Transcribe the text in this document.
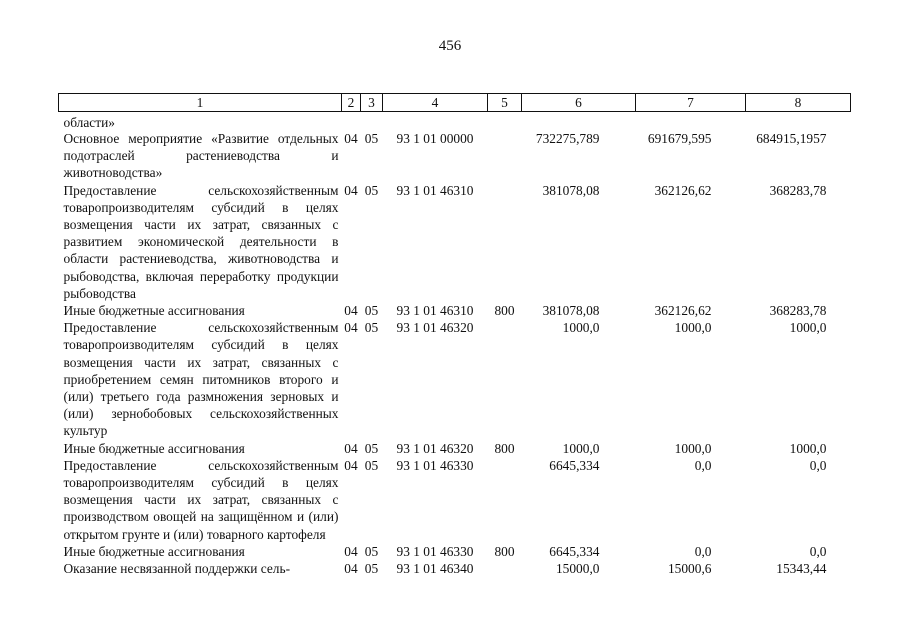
456
1	2	3	4	5	6	7	8
области»							
Основное мероприятие «Развитие отдельных подотраслей растениеводства и животноводства»	04	05	93 1 01 00000		732275,789	691679,595	684915,1957
Предоставление сельскохозяйственным товаропроизводителям субсидий в целях возмещения части их затрат, связанных с развитием экономической деятельности в области растениеводства, животноводства и рыбоводства, включая переработку продукции рыбоводства	04	05	93 1 01 46310		381078,08	362126,62	368283,78
Иные бюджетные ассигнования	04	05	93 1 01 46310	800	381078,08	362126,62	368283,78
Предоставление сельскохозяйственным товаропроизводителям субсидий в целях возмещения части их затрат, связанных с приобретением семян питомников второго и (или) третьего года размножения зерновых и (или) зернобобовых сельскохозяйственных культур	04	05	93 1 01 46320		1000,0	1000,0	1000,0
Иные бюджетные ассигнования	04	05	93 1 01 46320	800	1000,0	1000,0	1000,0
Предоставление сельскохозяйственным товаропроизводителям субсидий в целях возмещения части их затрат, связанных с производством овощей на защищённом и (или) открытом грунте и (или) товарного картофеля	04	05	93 1 01 46330		6645,334	0,0	0,0
Иные бюджетные ассигнования	04	05	93 1 01 46330	800	6645,334	0,0	0,0
Оказание несвязанной поддержки сель-	04	05	93 1 01 46340		15000,0	15000,6	15343,44
